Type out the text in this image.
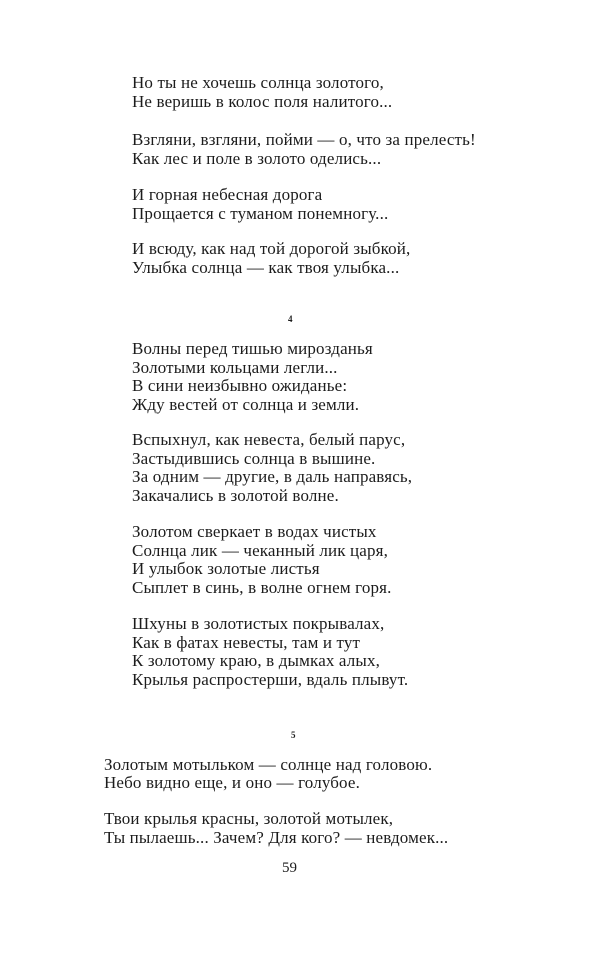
Но ты не хочешь солнца золотого,
Не веришь в колос поля налитого...
Взгляни, взгляни, пойми — о, что за прелесть!
Как лес и поле в золото оделись...
И горная небесная дорога
Прощается с туманом понемногу...
И всюду, как над той дорогой зыбкой,
Улыбка солнца — как твоя улыбка...
4
Волны перед тишью мирозданья
Золотыми кольцами легли...
В сини неизбывно ожиданье:
Жду вестей от солнца и земли.
Вспыхнул, как невеста, белый парус,
Застыдившись солнца в вышине.
За одним — другие, в даль направясь,
Закачались в золотой волне.
Золотом сверкает в водах чистых
Солнца лик — чеканный лик царя,
И улыбок золотые листья
Сыплет в синь, в волне огнем горя.
Шхуны в золотистых покрывалах,
Как в фатах невесты, там и тут
К золотому краю, в дымках алых,
Крылья распростерши, вдаль плывут.
5
Золотым мотыльком — солнце над головою.
Небо видно еще, и оно — голубое.
Твои крылья красны, золотой мотылек,
Ты пылаешь... Зачем? Для кого? — невдомек...
59
